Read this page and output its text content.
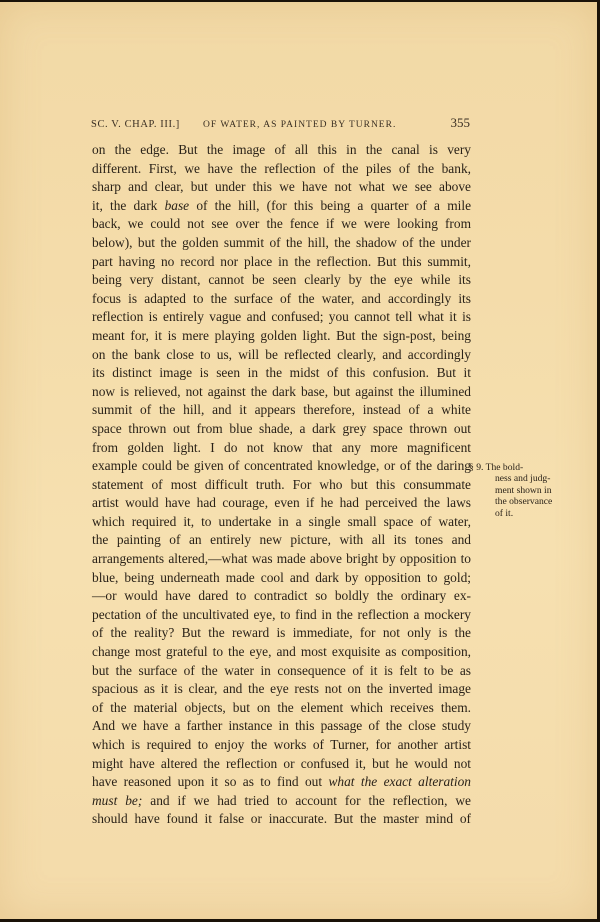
SC. V. CHAP. III.]	OF WATER, AS PAINTED BY TURNER.	355
on the edge. But the image of all this in the canal is very
different. First, we have the reflection of the piles of the bank,
sharp and clear, but under this we have not what we see above
it, the dark base of the hill, (for this being a quarter of a mile
back, we could not see over the fence if we were looking from
below), but the golden summit of the hill, the shadow of the under
part having no record nor place in the reflection. But this summit,
being very distant, cannot be seen clearly by the eye while its
focus is adapted to the surface of the water, and accordingly its
reflection is entirely vague and confused; you cannot tell what it is
meant for, it is mere playing golden light. But the sign-post, being
on the bank close to us, will be reflected clearly, and accordingly
its distinct image is seen in the midst of this confusion. But it
now is relieved, not against the dark base, but against the illumined
summit of the hill, and it appears therefore, instead of a white
space thrown out from blue shade, a dark grey space thrown out
from golden light. I do not know that any more magnificent
example could be given of concentrated knowledge, or of the daring
statement of most difficult truth. For who but this consummate
artist would have had courage, even if he had perceived the laws
which required it, to undertake in a single small space of water,
the painting of an entirely new picture, with all its tones and
arrangements altered,—what was made above bright by opposition to
blue, being underneath made cool and dark by opposition to gold;
—or would have dared to contradict so boldly the ordinary ex-
pectation of the uncultivated eye, to find in the reflection a mockery
of the reality? But the reward is immediate, for not only is the
change most grateful to the eye, and most exquisite as composition,
but the surface of the water in consequence of it is felt to be as
spacious as it is clear, and the eye rests not on the inverted image
of the material objects, but on the element which receives them.
And we have a farther instance in this passage of the close study
which is required to enjoy the works of Turner, for another artist
might have altered the reflection or confused it, but he would not
have reasoned upon it so as to find out what the exact alteration
must be; and if we had tried to account for the reflection, we
should have found it false or inaccurate. But the master mind of
§ 9. The bold-
ness and judg-
ment shown in
the observance
of it.
